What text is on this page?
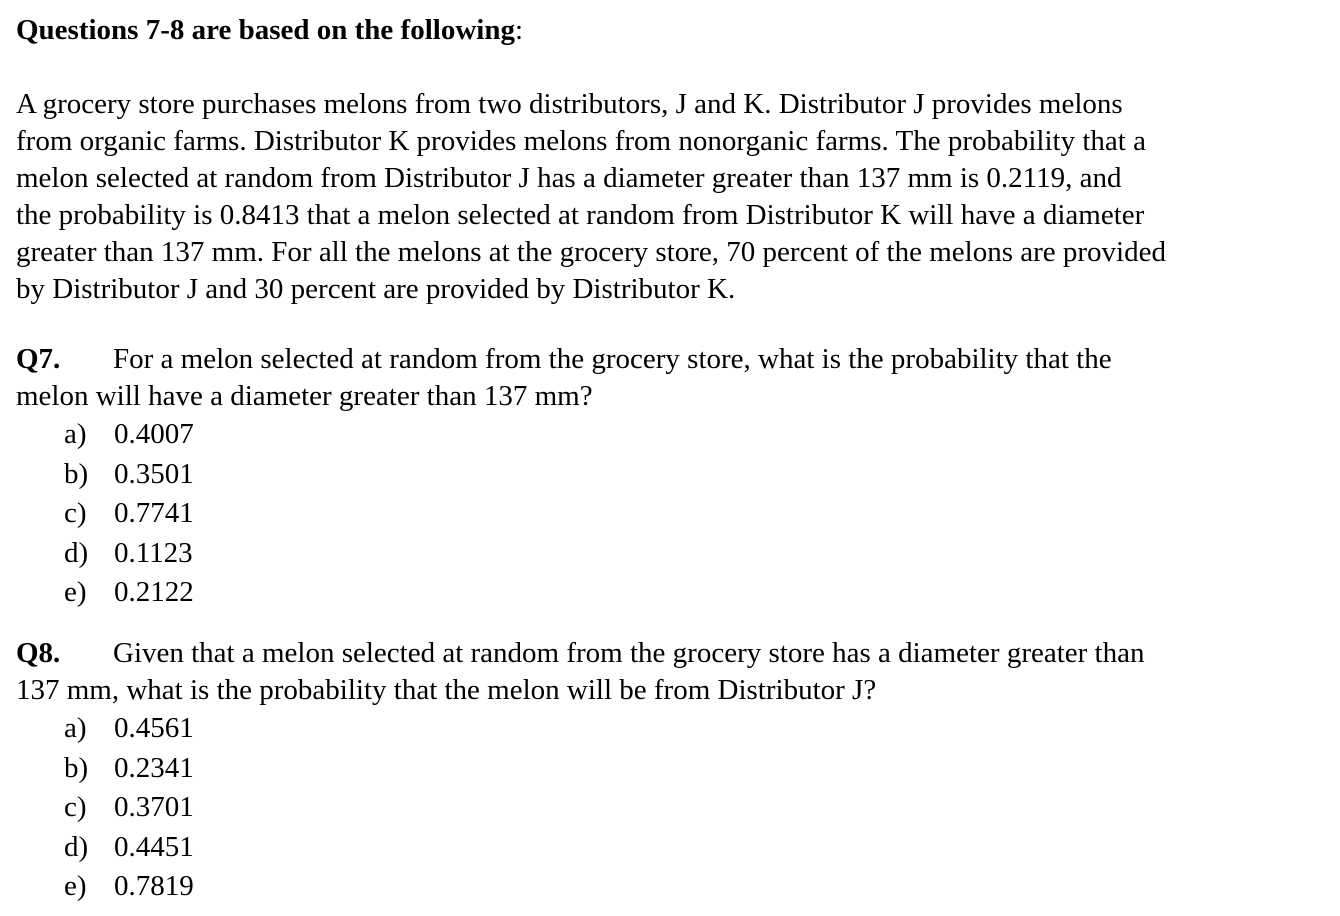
Questions 7-8 are based on the following:

A grocery store purchases melons from two distributors, J and K. Distributor J provides melons
from organic farms. Distributor K provides melons from nonorganic farms. The probability that a
melon selected at random from Distributor J has a diameter greater than 137 mm is 0.2119, and
the probability is 0.8413 that a melon selected at random from Distributor K will have a diameter
greater than 137 mm. For all the melons at the grocery store, 70 percent of the melons are provided
by Distributor J and 30 percent are provided by Distributor K.
Q7. For a melon selected at random from the grocery store, what is the probability that the
melon will have a diameter greater than 137 mm?
a) 0.4007
b) 0.3501
c) 0.7741
d) 0.1123
e) 0.2122
Q8. Given that a melon selected at random from the grocery store has a diameter greater than
137 mm, what is the probability that the melon will be from Distributor J?
a) 0.4561
b) 0.2341
c) 0.3701
d) 0.4451
e) 0.7819
